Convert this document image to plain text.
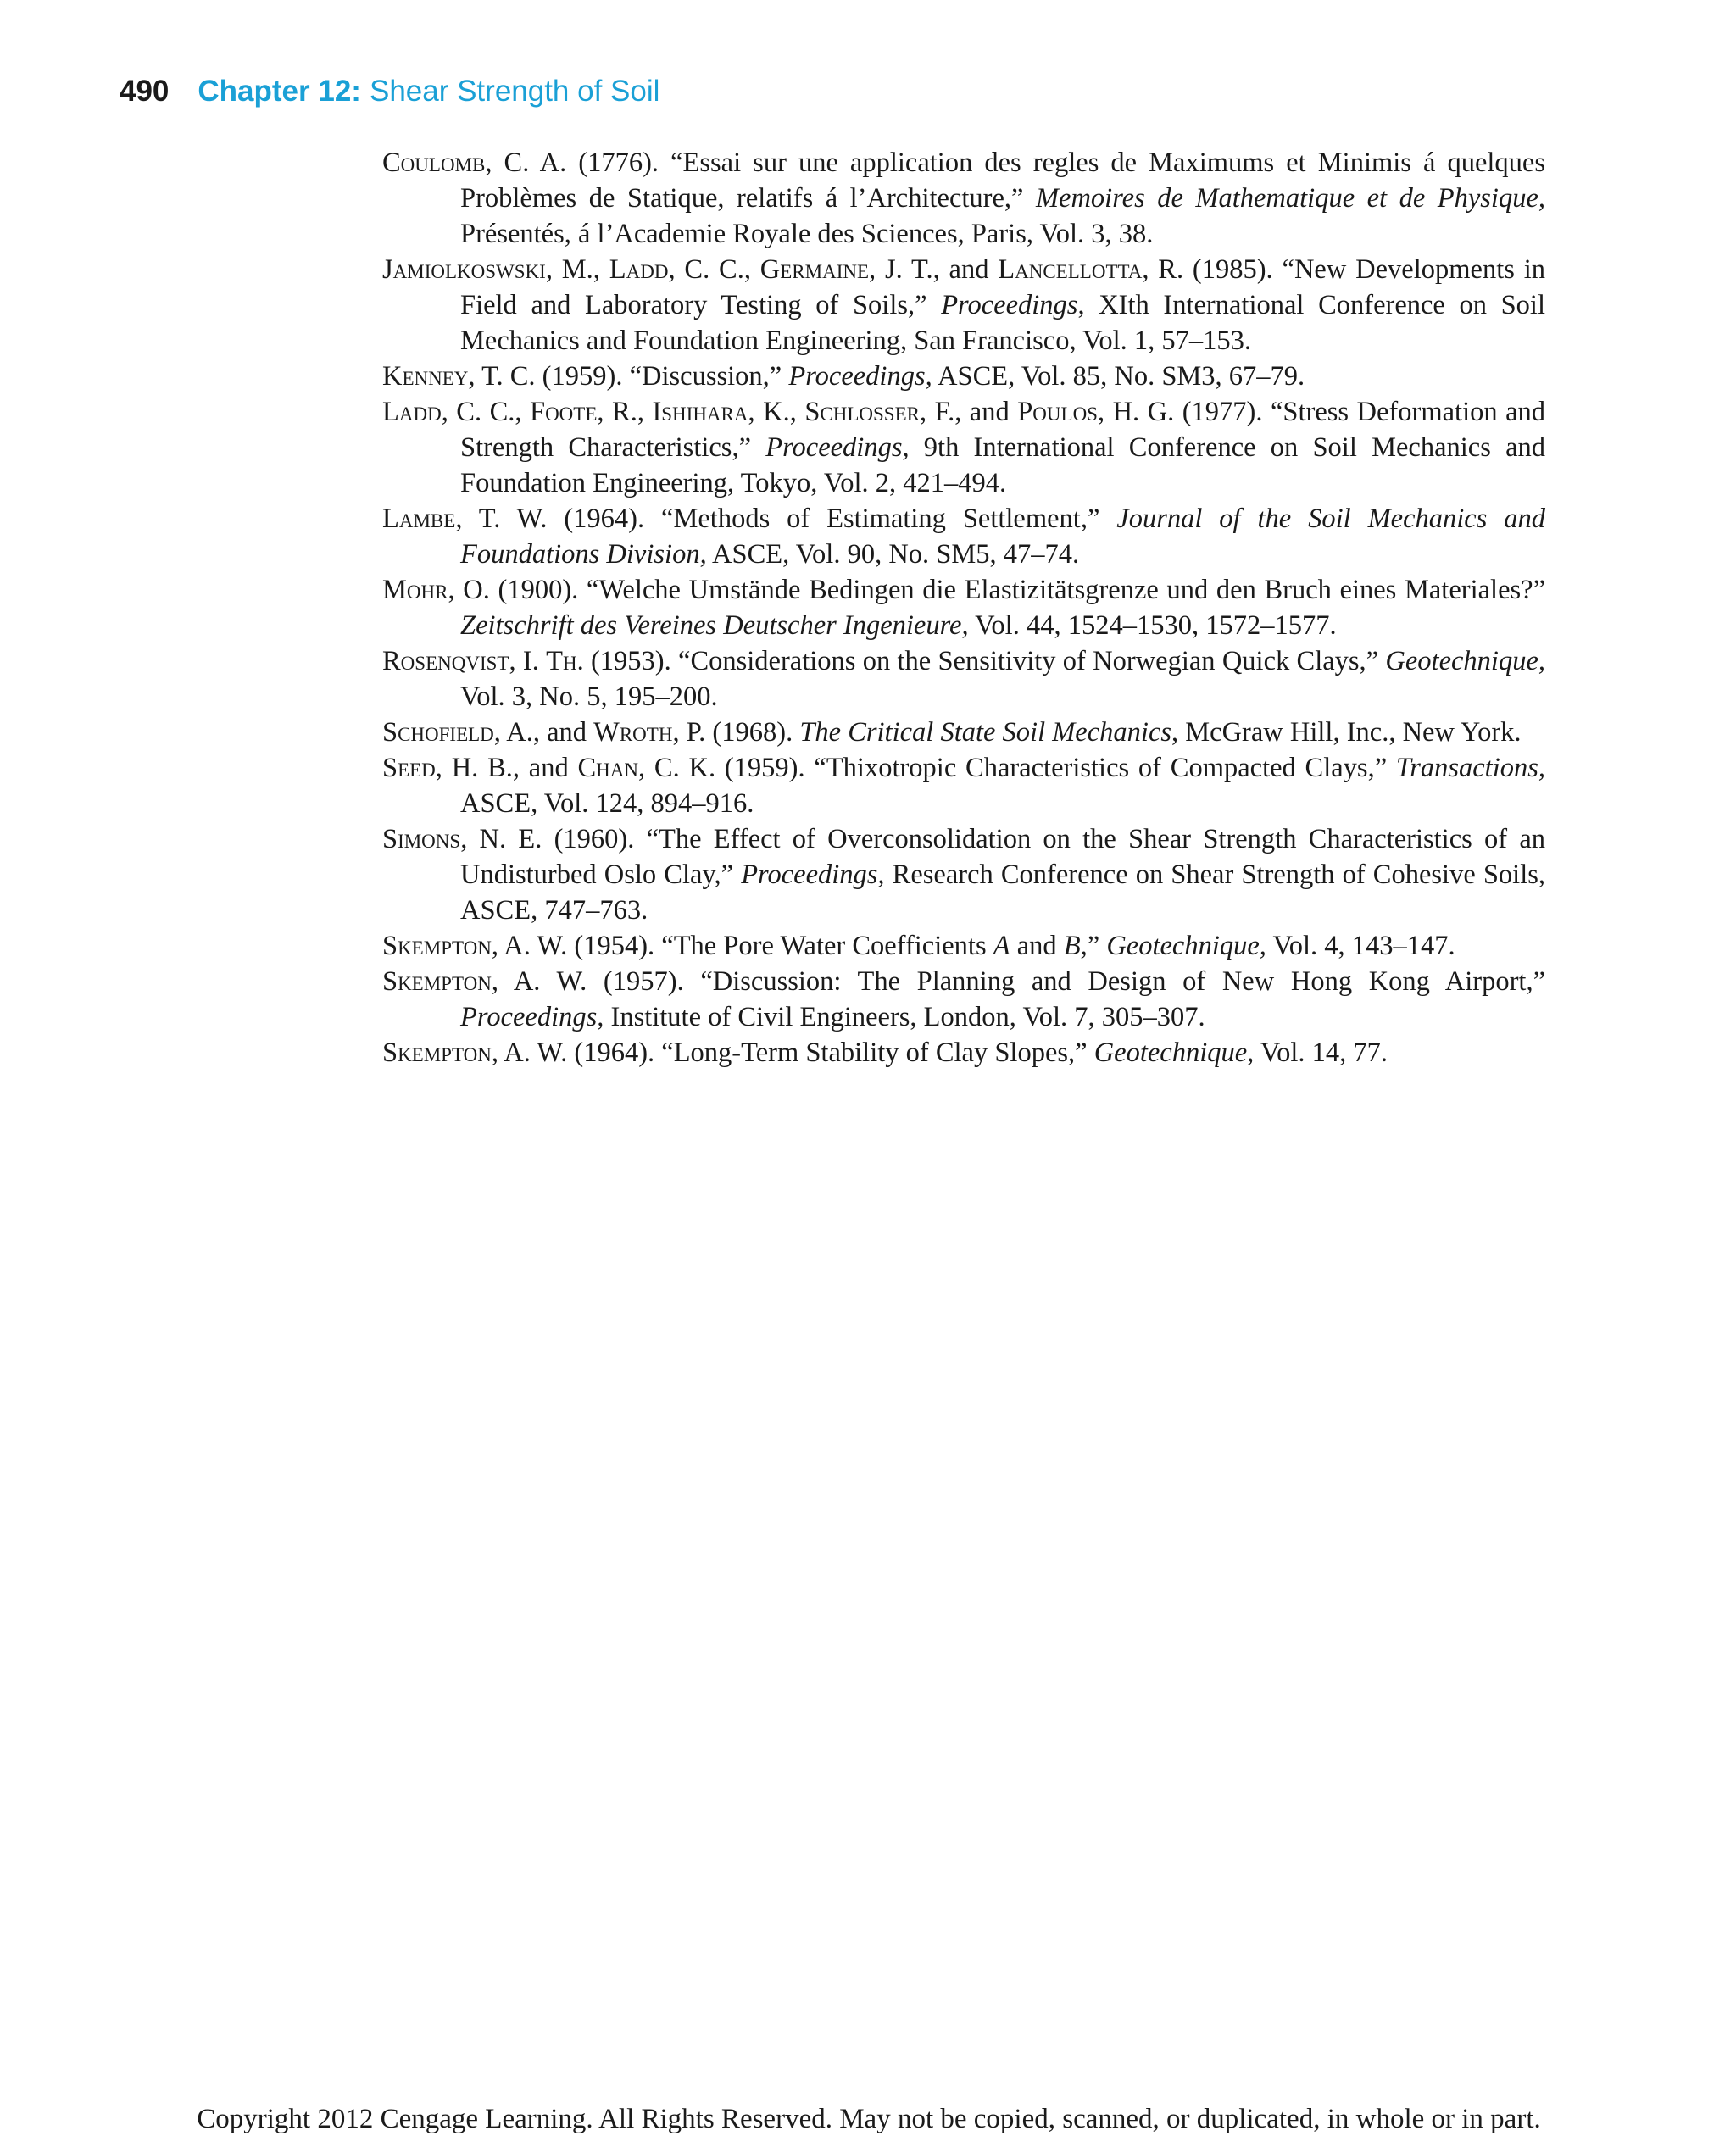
490 Chapter 12: Shear Strength of Soil

Coulomb, C. A. (1776). “Essai sur une application des regles de Maximums et Minimis á quelques Problèmes de Statique, relatifs á l’Architecture,” Memoires de Mathematique et de Physique, Présentés, á l’Academie Royale des Sciences, Paris, Vol. 3, 38.

Jamiolkoswski, M., Ladd, C. C., Germaine, J. T., and Lancellotta, R. (1985). “New Developments in Field and Laboratory Testing of Soils,” Proceedings, XIth International Conference on Soil Mechanics and Foundation Engineering, San Francisco, Vol. 1, 57–153.

Kenney, T. C. (1959). “Discussion,” Proceedings, ASCE, Vol. 85, No. SM3, 67–79.

Ladd, C. C., Foote, R., Ishihara, K., Schlosser, F., and Poulos, H. G. (1977). “Stress Deformation and Strength Characteristics,” Proceedings, 9th International Conference on Soil Mechanics and Foundation Engineering, Tokyo, Vol. 2, 421–494.

Lambe, T. W. (1964). “Methods of Estimating Settlement,” Journal of the Soil Mechanics and Foundations Division, ASCE, Vol. 90, No. SM5, 47–74.

Mohr, O. (1900). “Welche Umstände Bedingen die Elastizitätsgrenze und den Bruch eines Materiales?” Zeitschrift des Vereines Deutscher Ingenieure, Vol. 44, 1524–1530, 1572–1577.

Rosenqvist, I. Th. (1953). “Considerations on the Sensitivity of Norwegian Quick Clays,” Geotechnique, Vol. 3, No. 5, 195–200.

Schofield, A., and Wroth, P. (1968). The Critical State Soil Mechanics, McGraw Hill, Inc., New York.

Seed, H. B., and Chan, C. K. (1959). “Thixotropic Characteristics of Compacted Clays,” Transactions, ASCE, Vol. 124, 894–916.

Simons, N. E. (1960). “The Effect of Overconsolidation on the Shear Strength Characteristics of an Undisturbed Oslo Clay,” Proceedings, Research Conference on Shear Strength of Cohesive Soils, ASCE, 747–763.

Skempton, A. W. (1954). “The Pore Water Coefficients A and B,” Geotechnique, Vol. 4, 143–147.

Skempton, A. W. (1957). “Discussion: The Planning and Design of New Hong Kong Airport,” Proceedings, Institute of Civil Engineers, London, Vol. 7, 305–307.

Skempton, A. W. (1964). “Long-Term Stability of Clay Slopes,” Geotechnique, Vol. 14, 77.

Copyright 2012 Cengage Learning. All Rights Reserved. May not be copied, scanned, or duplicated, in whole or in part.
